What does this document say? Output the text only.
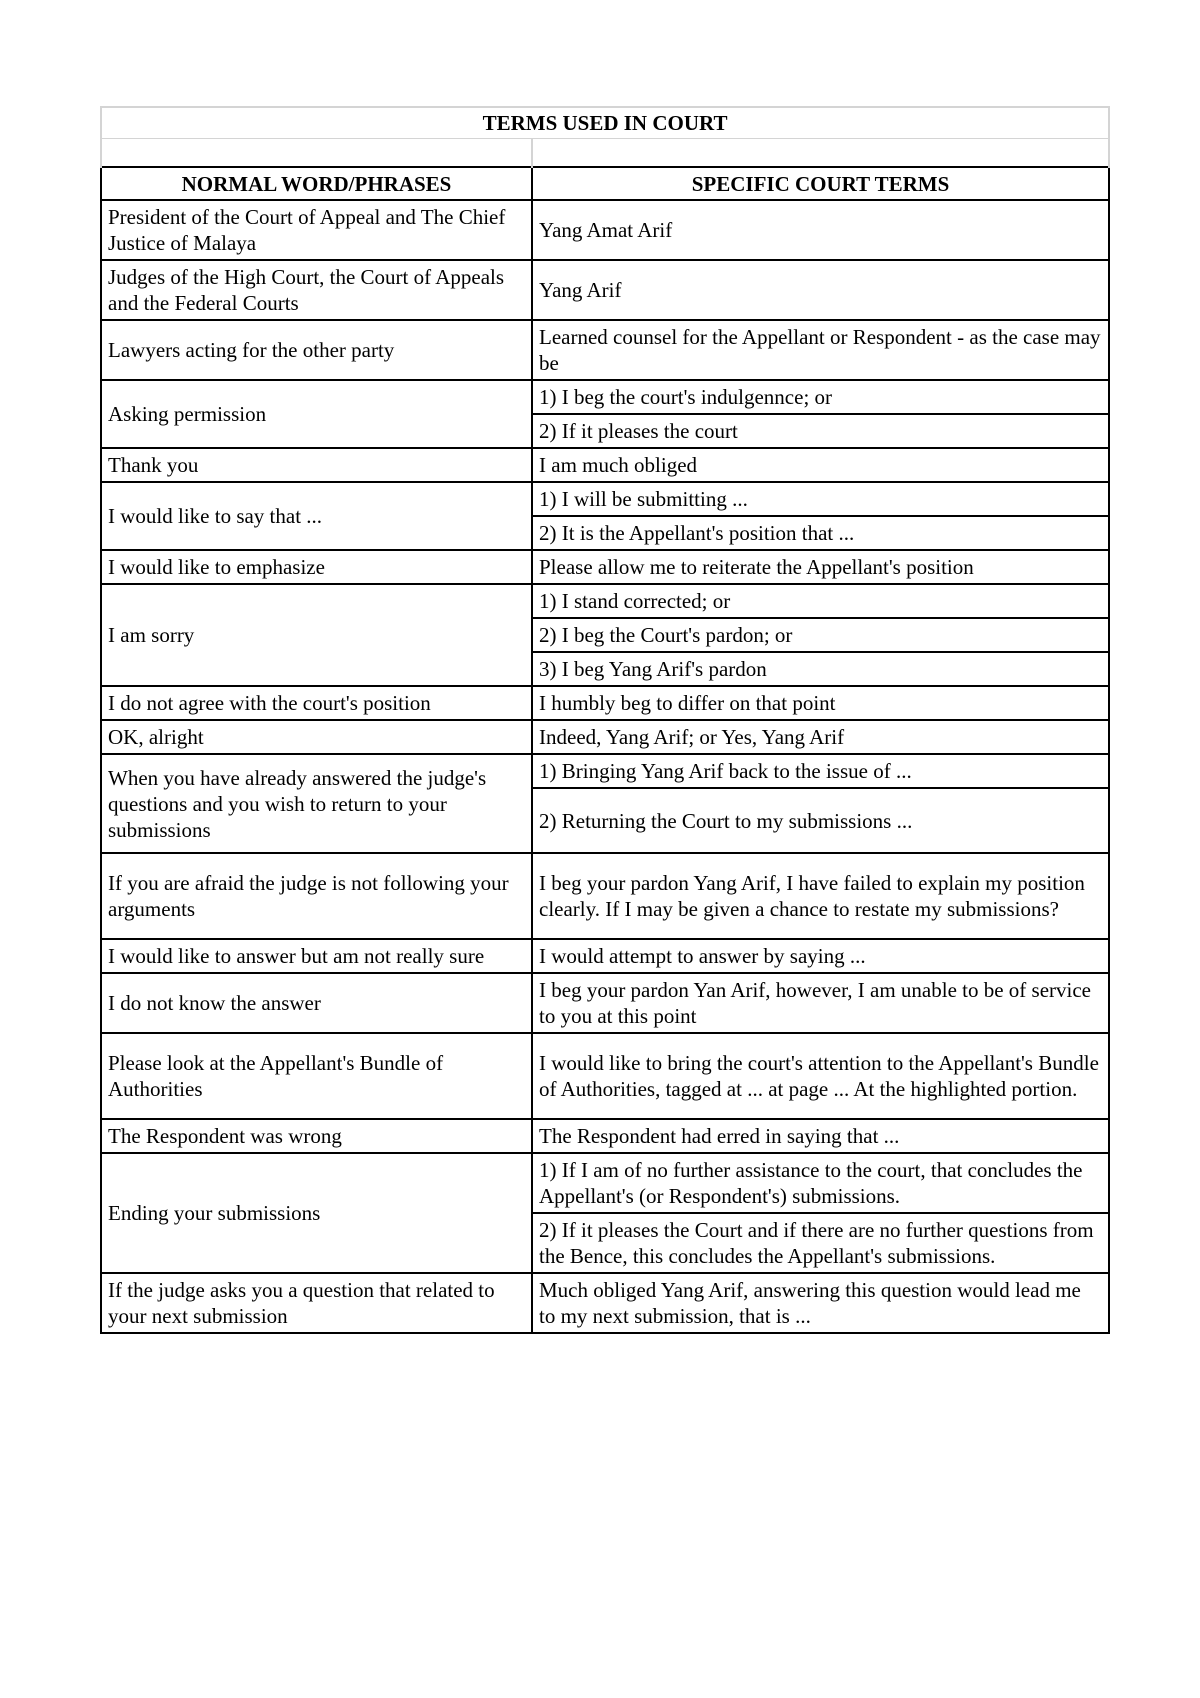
TERMS USED IN COURT	

NORMAL WORD/PHRASES	SPECIFIC COURT TERMS
President of the Court of Appeal and The Chief Justice of Malaya	Yang Amat Arif
Judges of the High Court, the Court of Appeals and the Federal Courts	Yang Arif
Lawyers acting for the other party	Learned counsel for the Appellant or Respondent - as the case may be
Asking permission	1) I beg the court's indulgennce; or
	2) If it pleases the court
Thank you	I am much obliged
I would like to say that ...	1) I will be submitting ...
	2) It is the Appellant's position that ...
I would like to emphasize	Please allow me to reiterate the Appellant's position
I am sorry	1) I stand corrected; or
	2) I beg the Court's pardon; or
	3) I beg Yang Arif's pardon
I do not agree with the court's position	I humbly beg to differ on that point
OK, alright	Indeed, Yang Arif; or Yes, Yang Arif
When you have already answered the judge's questions and you wish to return to your submissions	1) Bringing Yang Arif back to the issue of ...
	2) Returning the Court to my submissions ...
If you are afraid the judge is not following your arguments	I beg your pardon Yang Arif, I have failed to explain my position clearly. If I may be given a chance to restate my submissions?
I would like to answer but am not really sure	I would attempt to answer by saying ...
I do not know the answer	I beg your pardon Yan Arif, however, I am unable to be of service to you at this point
Please look at the Appellant's Bundle of Authorities	I would like to bring the court's attention to the Appellant's Bundle of Authorities, tagged at ... at page ... At the highlighted portion.
The Respondent was wrong	The Respondent had erred in saying that ...
Ending your submissions	1) If I am of no further assistance to the court, that concludes the Appellant's (or Respondent's) submissions.
	2) If it pleases the Court and if there are no further questions from the Bence, this concludes the Appellant's submissions.
If the judge asks you a question that related to your next submission	Much obliged Yang Arif, answering this question would lead me to my next submission, that is ...
